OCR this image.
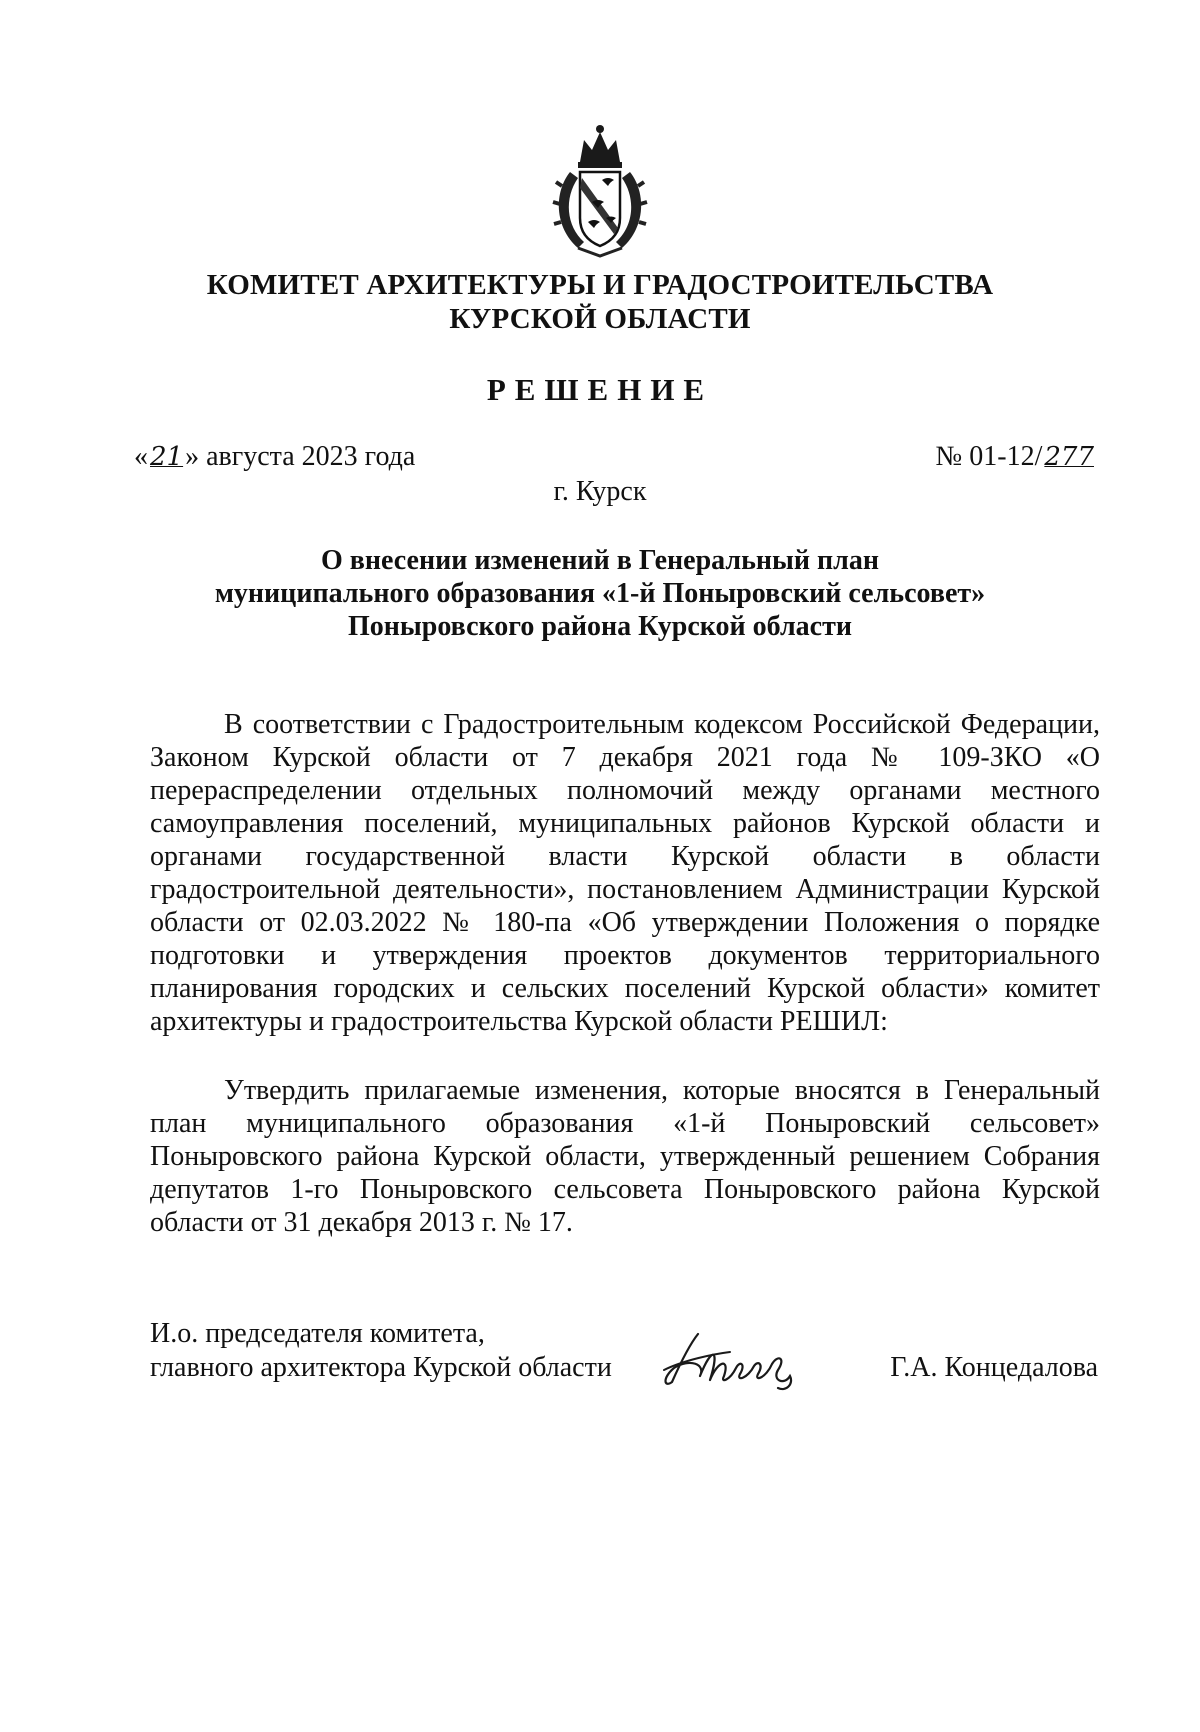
КОМИТЕТ АРХИТЕКТУРЫ И ГРАДОСТРОИТЕЛЬСТВА
КУРСКОЙ ОБЛАСТИ
РЕШЕНИЕ
«21» августа 2023 года	№ 01-12/277
г. Курск
О внесении изменений в Генеральный план
муниципального образования «1-й Поныровский сельсовет»
Поныровского района Курской области

В соответствии с Градостроительным кодексом Российской Федерации, Законом Курской области от 7 декабря 2021 года № 109-ЗКО «О перераспределении отдельных полномочий между органами местного самоуправления поселений, муниципальных районов Курской области и органами государственной власти Курской области в области градостроительной деятельности», постановлением Администрации Курской области от 02.03.2022 № 180-па «Об утверждении Положения о порядке подготовки и утверждения проектов документов территориального планирования городских и сельских поселений Курской области» комитет архитектуры и градостроительства Курской области РЕШИЛ:

Утвердить прилагаемые изменения, которые вносятся в Генеральный план муниципального образования «1-й Поныровский сельсовет» Поныровского района Курской области, утвержденный решением Собрания депутатов 1-го Поныровского сельсовета Поныровского района Курской области от 31 декабря 2013 г. № 17.

И.о. председателя комитета,
главного архитектора Курской области	Г.А. Концедалова
